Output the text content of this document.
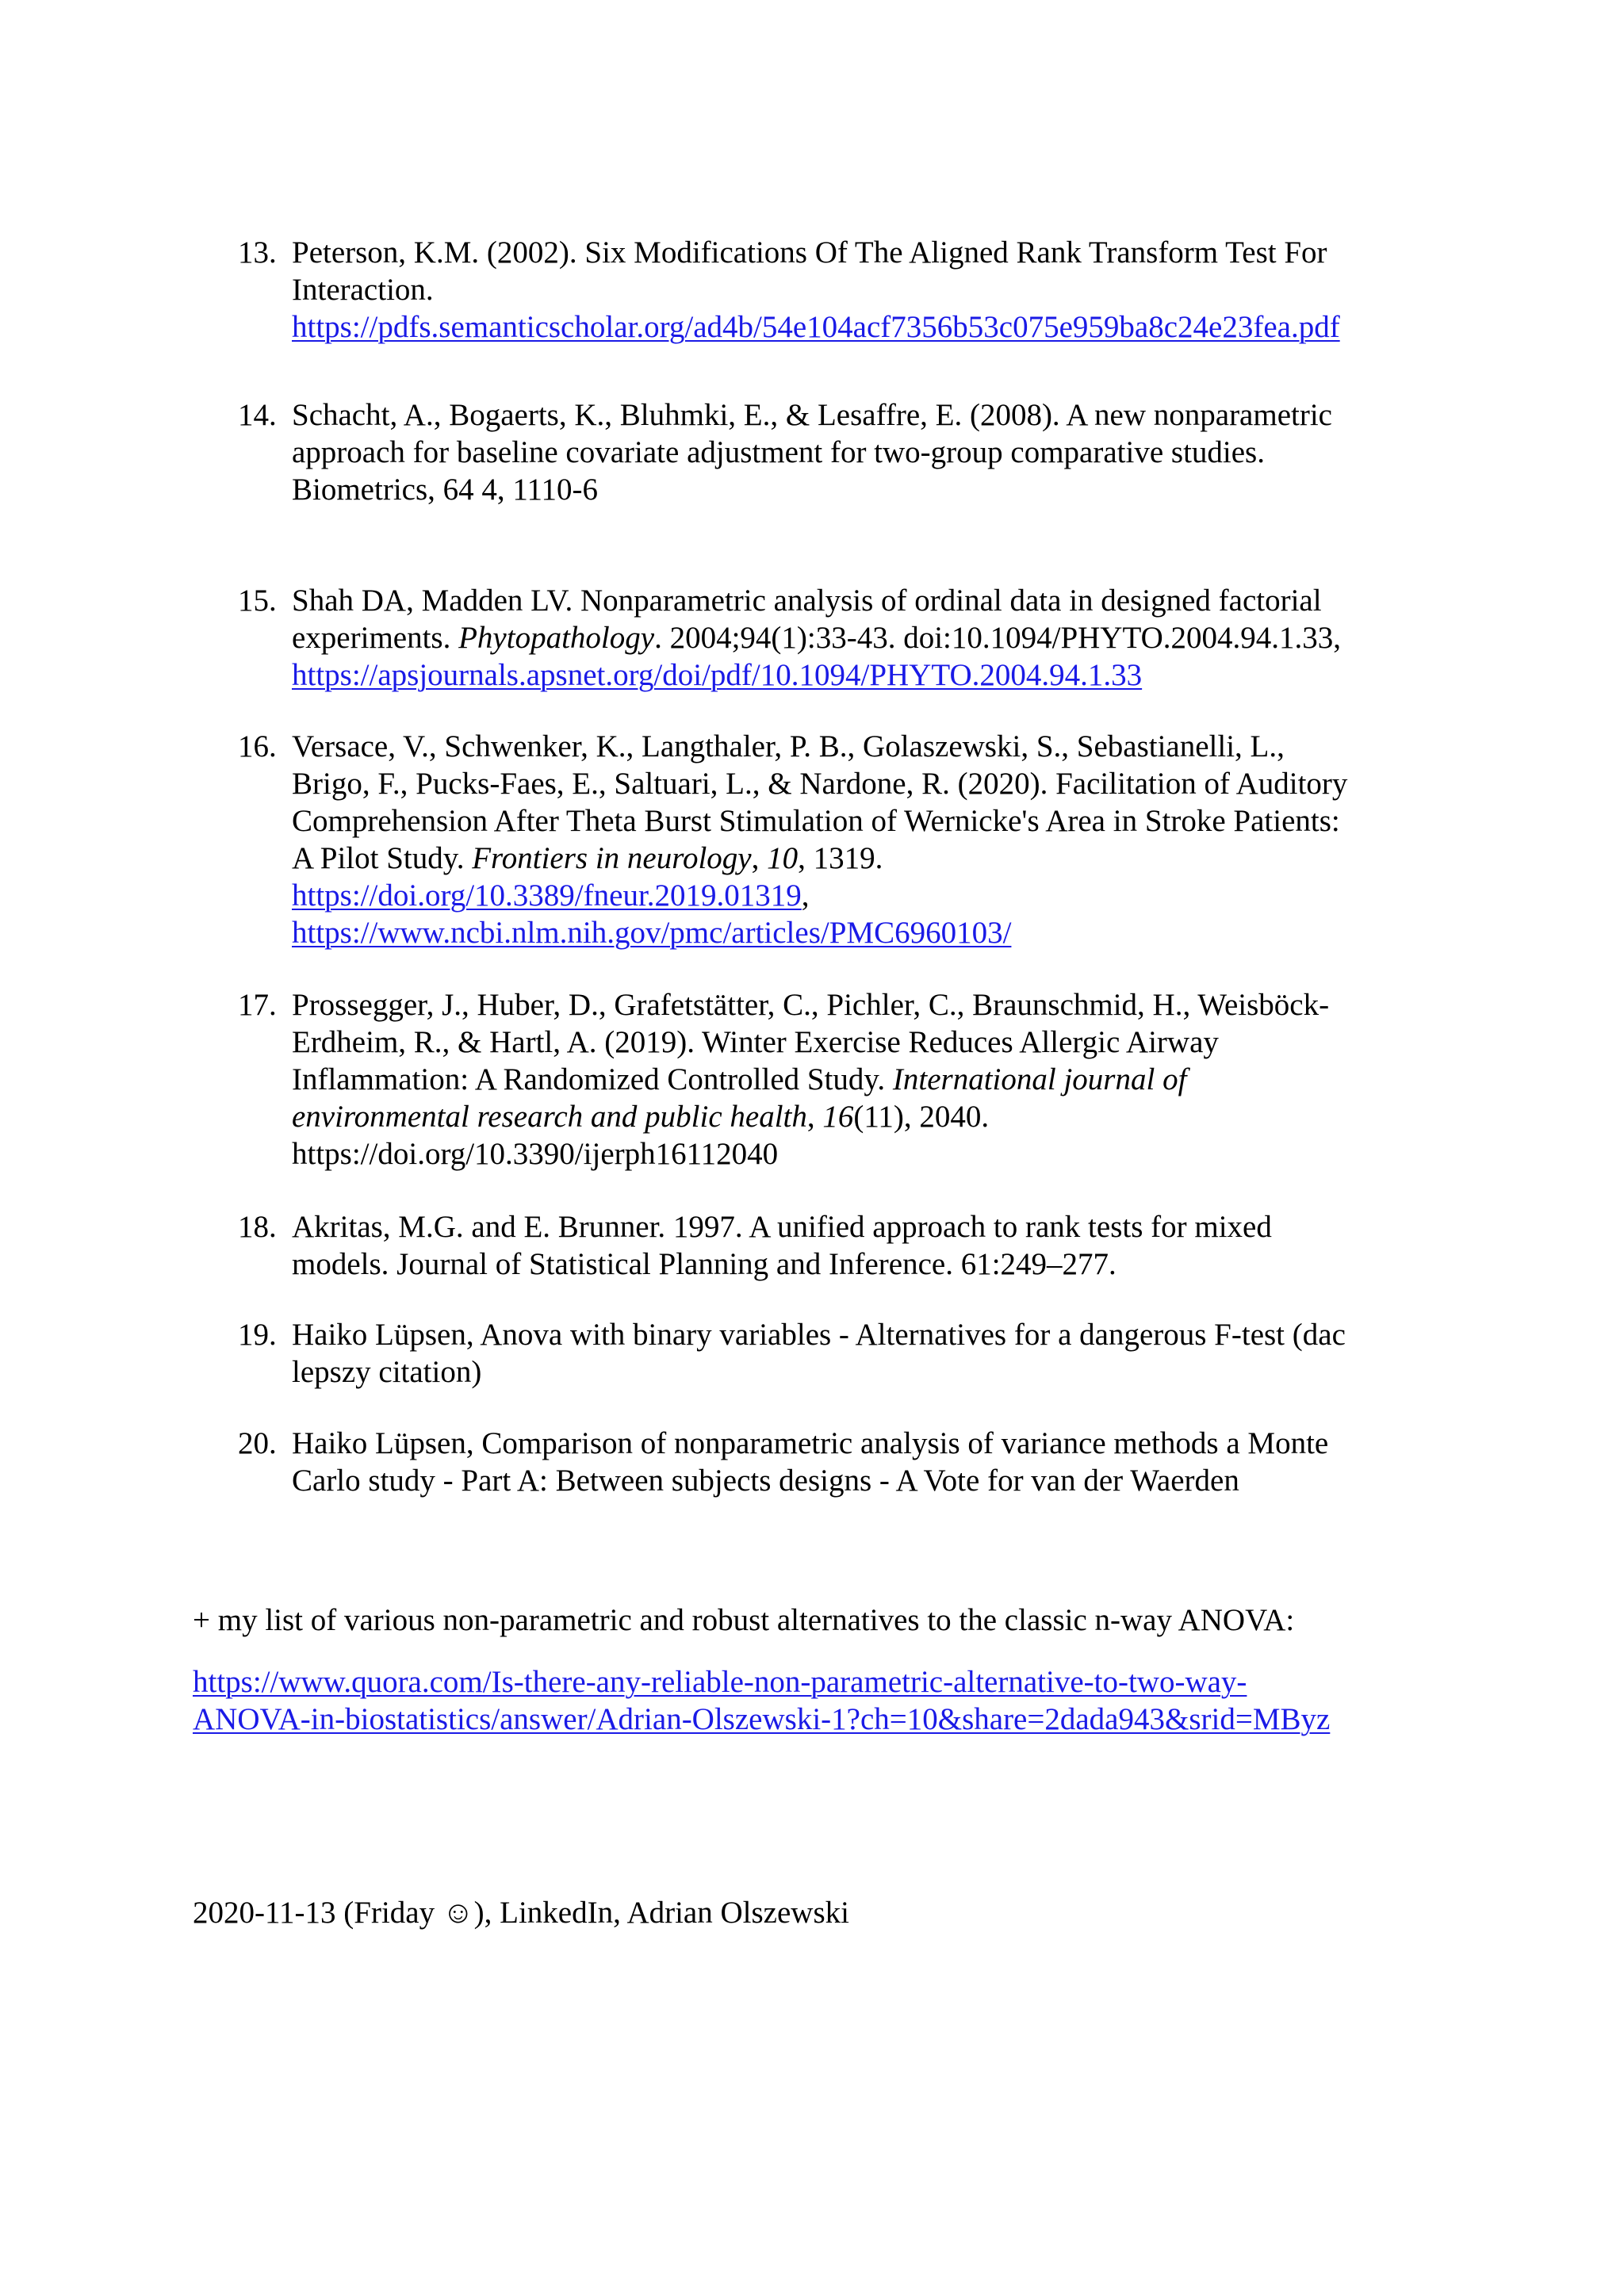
13. Peterson, K.M. (2002). Six Modifications Of The Aligned Rank Transform Test For
Interaction.
https://pdfs.semanticscholar.org/ad4b/54e104acf7356b53c075e959ba8c24e23fea.pdf
14. Schacht, A., Bogaerts, K., Bluhmki, E., & Lesaffre, E. (2008). A new nonparametric
approach for baseline covariate adjustment for two-group comparative studies.
Biometrics, 64 4, 1110-6
15. Shah DA, Madden LV. Nonparametric analysis of ordinal data in designed factorial
experiments. Phytopathology. 2004;94(1):33-43. doi:10.1094/PHYTO.2004.94.1.33,
https://apsjournals.apsnet.org/doi/pdf/10.1094/PHYTO.2004.94.1.33
16. Versace, V., Schwenker, K., Langthaler, P. B., Golaszewski, S., Sebastianelli, L.,
Brigo, F., Pucks-Faes, E., Saltuari, L., & Nardone, R. (2020). Facilitation of Auditory
Comprehension After Theta Burst Stimulation of Wernicke's Area in Stroke Patients:
A Pilot Study. Frontiers in neurology, 10, 1319.
https://doi.org/10.3389/fneur.2019.01319,
https://www.ncbi.nlm.nih.gov/pmc/articles/PMC6960103/
17. Prossegger, J., Huber, D., Grafetstätter, C., Pichler, C., Braunschmid, H., Weisböck-
Erdheim, R., & Hartl, A. (2019). Winter Exercise Reduces Allergic Airway
Inflammation: A Randomized Controlled Study. International journal of
environmental research and public health, 16(11), 2040.
https://doi.org/10.3390/ijerph16112040
18. Akritas, M.G. and E. Brunner. 1997. A unified approach to rank tests for mixed
models. Journal of Statistical Planning and Inference. 61:249–277.
19. Haiko Lüpsen, Anova with binary variables - Alternatives for a dangerous F-test (dac
lepszy citation)
20. Haiko Lüpsen, Comparison of nonparametric analysis of variance methods a Monte
Carlo study - Part A: Between subjects designs - A Vote for van der Waerden
+ my list of various non-parametric and robust alternatives to the classic n-way ANOVA:
https://www.quora.com/Is-there-any-reliable-non-parametric-alternative-to-two-way-
ANOVA-in-biostatistics/answer/Adrian-Olszewski-1?ch=10&share=2dada943&srid=MByz
2020-11-13 (Friday ☺), LinkedIn, Adrian Olszewski
